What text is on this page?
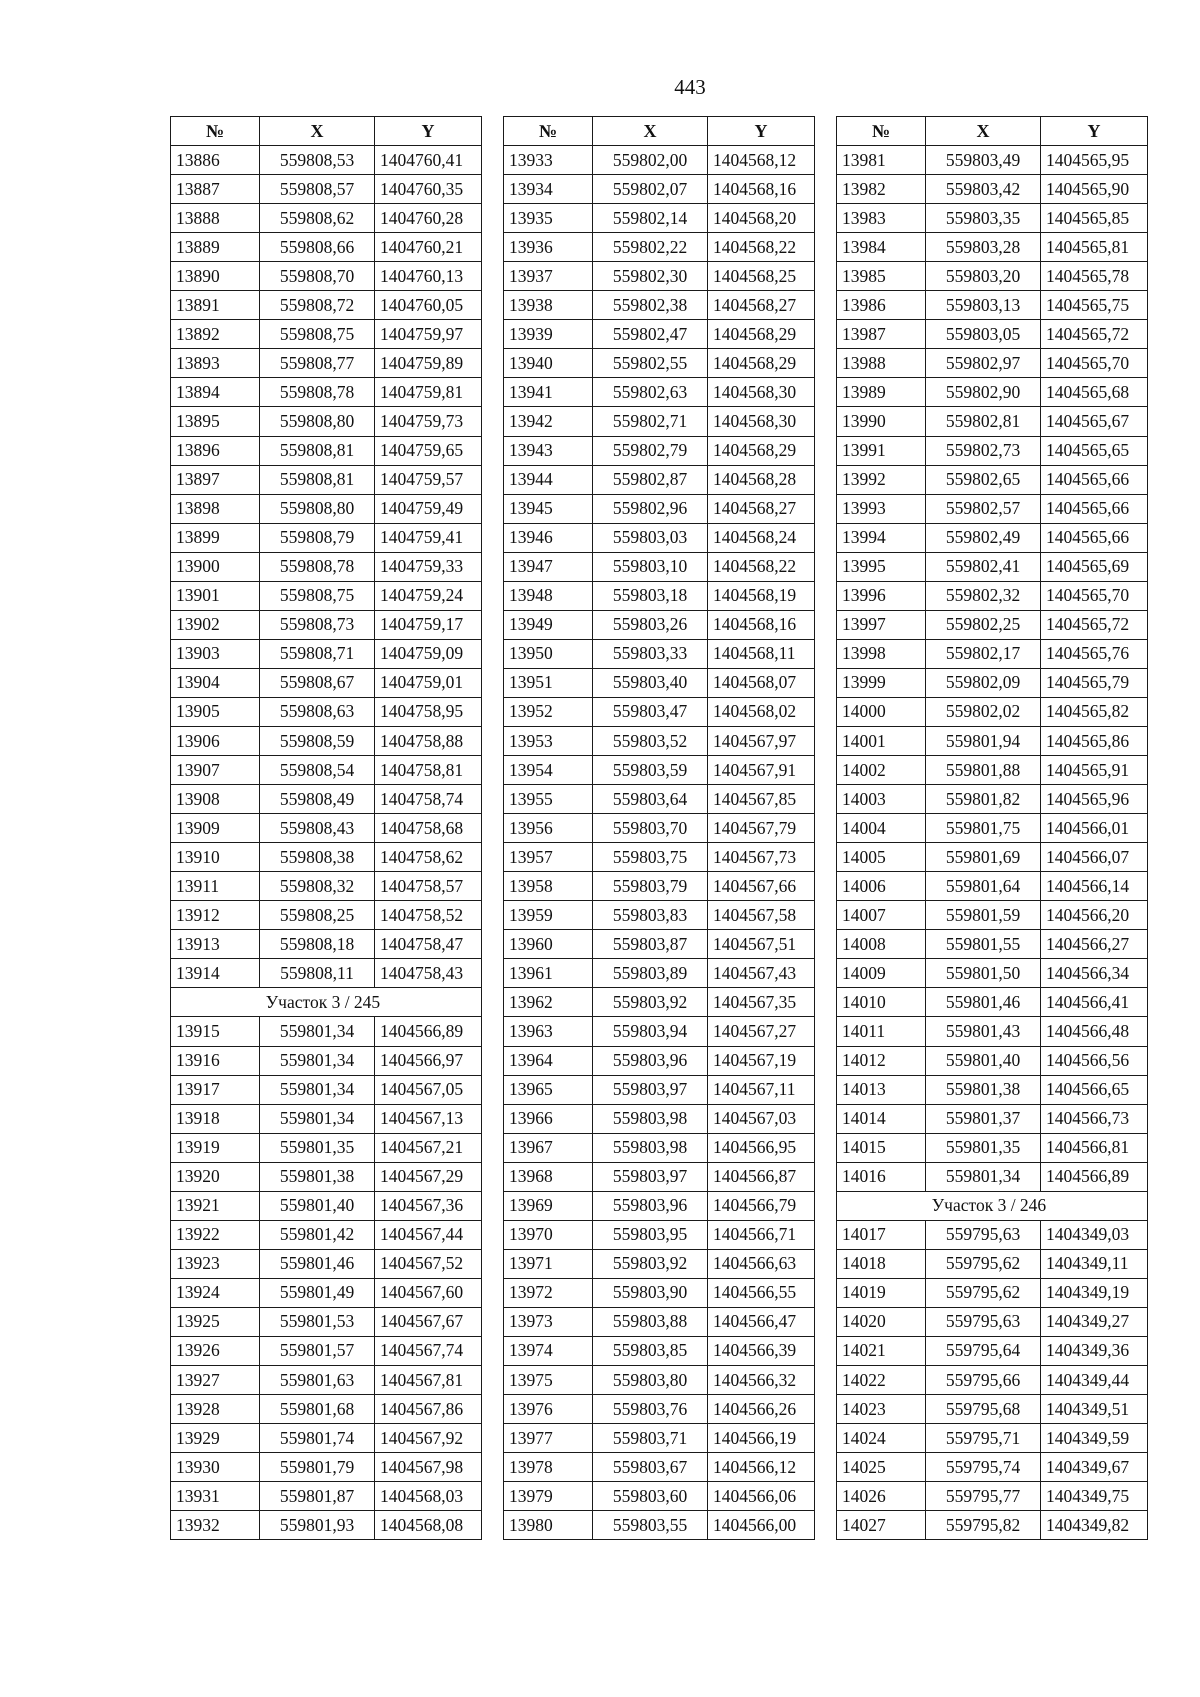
443
№	X	Y
13886	559808,53	1404760,41
13887	559808,57	1404760,35
13888	559808,62	1404760,28
13889	559808,66	1404760,21
13890	559808,70	1404760,13
13891	559808,72	1404760,05
13892	559808,75	1404759,97
13893	559808,77	1404759,89
13894	559808,78	1404759,81
13895	559808,80	1404759,73
13896	559808,81	1404759,65
13897	559808,81	1404759,57
13898	559808,80	1404759,49
13899	559808,79	1404759,41
13900	559808,78	1404759,33
13901	559808,75	1404759,24
13902	559808,73	1404759,17
13903	559808,71	1404759,09
13904	559808,67	1404759,01
13905	559808,63	1404758,95
13906	559808,59	1404758,88
13907	559808,54	1404758,81
13908	559808,49	1404758,74
13909	559808,43	1404758,68
13910	559808,38	1404758,62
13911	559808,32	1404758,57
13912	559808,25	1404758,52
13913	559808,18	1404758,47
13914	559808,11	1404758,43
Участок 3 / 245		
13915	559801,34	1404566,89
13916	559801,34	1404566,97
13917	559801,34	1404567,05
13918	559801,34	1404567,13
13919	559801,35	1404567,21
13920	559801,38	1404567,29
13921	559801,40	1404567,36
13922	559801,42	1404567,44
13923	559801,46	1404567,52
13924	559801,49	1404567,60
13925	559801,53	1404567,67
13926	559801,57	1404567,74
13927	559801,63	1404567,81
13928	559801,68	1404567,86
13929	559801,74	1404567,92
13930	559801,79	1404567,98
13931	559801,87	1404568,03
13932	559801,93	1404568,08
№	X	Y
13933	559802,00	1404568,12
13934	559802,07	1404568,16
13935	559802,14	1404568,20
13936	559802,22	1404568,22
13937	559802,30	1404568,25
13938	559802,38	1404568,27
13939	559802,47	1404568,29
13940	559802,55	1404568,29
13941	559802,63	1404568,30
13942	559802,71	1404568,30
13943	559802,79	1404568,29
13944	559802,87	1404568,28
13945	559802,96	1404568,27
13946	559803,03	1404568,24
13947	559803,10	1404568,22
13948	559803,18	1404568,19
13949	559803,26	1404568,16
13950	559803,33	1404568,11
13951	559803,40	1404568,07
13952	559803,47	1404568,02
13953	559803,52	1404567,97
13954	559803,59	1404567,91
13955	559803,64	1404567,85
13956	559803,70	1404567,79
13957	559803,75	1404567,73
13958	559803,79	1404567,66
13959	559803,83	1404567,58
13960	559803,87	1404567,51
13961	559803,89	1404567,43
13962	559803,92	1404567,35
13963	559803,94	1404567,27
13964	559803,96	1404567,19
13965	559803,97	1404567,11
13966	559803,98	1404567,03
13967	559803,98	1404566,95
13968	559803,97	1404566,87
13969	559803,96	1404566,79
13970	559803,95	1404566,71
13971	559803,92	1404566,63
13972	559803,90	1404566,55
13973	559803,88	1404566,47
13974	559803,85	1404566,39
13975	559803,80	1404566,32
13976	559803,76	1404566,26
13977	559803,71	1404566,19
13978	559803,67	1404566,12
13979	559803,60	1404566,06
13980	559803,55	1404566,00
№	X	Y
13981	559803,49	1404565,95
13982	559803,42	1404565,90
13983	559803,35	1404565,85
13984	559803,28	1404565,81
13985	559803,20	1404565,78
13986	559803,13	1404565,75
13987	559803,05	1404565,72
13988	559802,97	1404565,70
13989	559802,90	1404565,68
13990	559802,81	1404565,67
13991	559802,73	1404565,65
13992	559802,65	1404565,66
13993	559802,57	1404565,66
13994	559802,49	1404565,66
13995	559802,41	1404565,69
13996	559802,32	1404565,70
13997	559802,25	1404565,72
13998	559802,17	1404565,76
13999	559802,09	1404565,79
14000	559802,02	1404565,82
14001	559801,94	1404565,86
14002	559801,88	1404565,91
14003	559801,82	1404565,96
14004	559801,75	1404566,01
14005	559801,69	1404566,07
14006	559801,64	1404566,14
14007	559801,59	1404566,20
14008	559801,55	1404566,27
14009	559801,50	1404566,34
14010	559801,46	1404566,41
14011	559801,43	1404566,48
14012	559801,40	1404566,56
14013	559801,38	1404566,65
14014	559801,37	1404566,73
14015	559801,35	1404566,81
14016	559801,34	1404566,89
Участок 3 / 246		
14017	559795,63	1404349,03
14018	559795,62	1404349,11
14019	559795,62	1404349,19
14020	559795,63	1404349,27
14021	559795,64	1404349,36
14022	559795,66	1404349,44
14023	559795,68	1404349,51
14024	559795,71	1404349,59
14025	559795,74	1404349,67
14026	559795,77	1404349,75
14027	559795,82	1404349,82
